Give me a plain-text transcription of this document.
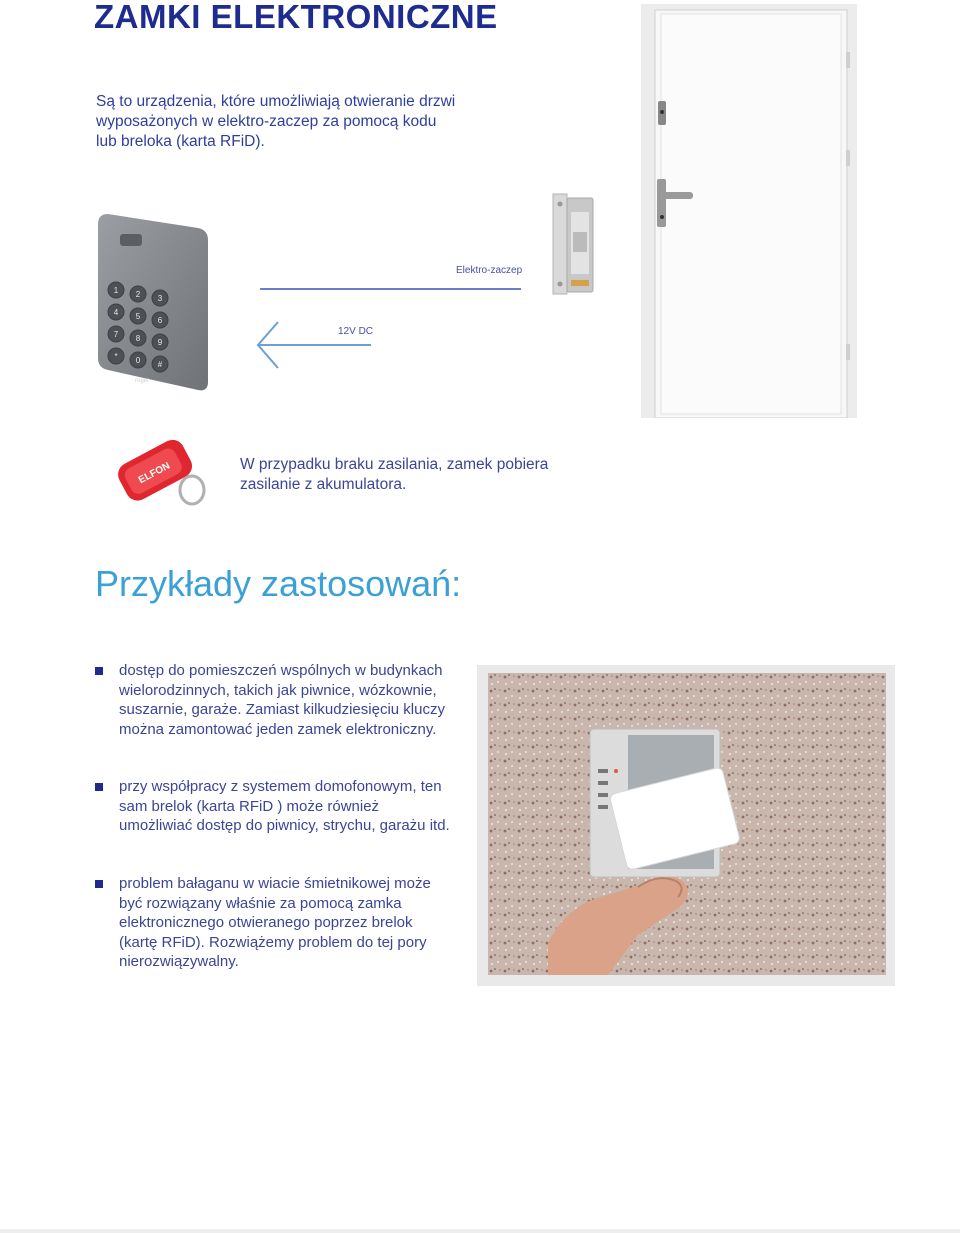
ZAMKI ELEKTRONICZNE

Są to urządzenia, które umożliwiają otwieranie drzwi wyposażonych w elektro-zaczep za pomocą kodu lub breloka (karta RFiD).

Elektro-zaczep
12V DC
1 2 3
4 5 6
7 8 9
* 0 #
roger
ELFON	W przypadku braku zasilania, zamek pobiera zasilanie z akumulatora.

Przykłady zastosowań:
dostęp do pomieszczeń wspólnych w budynkach wielorodzinnych, takich jak piwnice, wózkownie, suszarnie, garaże. Zamiast kilkudziesięciu kluczy można zamontować jeden zamek elektroniczny.
przy współpracy z systemem domofonowym, ten sam brelok (karta RFiD ) może również umożliwiać dostęp do piwnicy, strychu, garażu itd.
problem bałaganu w wiacie śmietnikowej może być rozwiązany właśnie za pomocą zamka elektronicznego otwieranego poprzez brelok (kartę RFiD). Rozwiążemy problem do tej pory nierozwiązywalny.
